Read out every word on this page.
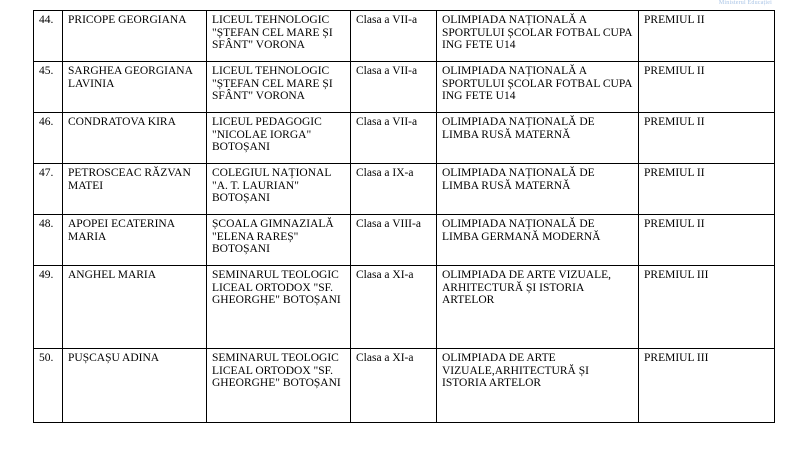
Ministerul Educației
44.	PRICOPE GEORGIANA	LICEUL TEHNOLOGIC "ȘTEFAN CEL MARE ȘI SFÂNT" VORONA	Clasa a VII-a	OLIMPIADA NAȚIONALĂ A SPORTULUI ȘCOLAR FOTBAL CUPA ING FETE U14	PREMIUL II
45.	SARGHEA GEORGIANA LAVINIA	LICEUL TEHNOLOGIC "ȘTEFAN CEL MARE ȘI SFÂNT" VORONA	Clasa a VII-a	OLIMPIADA NAȚIONALĂ A SPORTULUI ȘCOLAR FOTBAL CUPA ING FETE U14	PREMIUL II
46.	CONDRATOVA KIRA	LICEUL PEDAGOGIC "NICOLAE IORGA" BOTOȘANI	Clasa a VII-a	OLIMPIADA NAȚIONALĂ DE LIMBA RUSĂ MATERNĂ	PREMIUL II
47.	PETROSCEAC RĂZVAN MATEI	COLEGIUL NAȚIONAL "A. T. LAURIAN" BOTOȘANI	Clasa a IX-a	OLIMPIADA NAȚIONALĂ DE LIMBA RUSĂ MATERNĂ	PREMIUL II
48.	APOPEI ECATERINA MARIA	ȘCOALA GIMNAZIALĂ "ELENA RAREȘ" BOTOȘANI	Clasa a VIII-a	OLIMPIADA NAȚIONALĂ DE LIMBA GERMANĂ MODERNĂ	PREMIUL II
49.	ANGHEL MARIA	SEMINARUL TEOLOGIC LICEAL ORTODOX "SF. GHEORGHE" BOTOȘANI	Clasa a XI-a	OLIMPIADA DE ARTE VIZUALE, ARHITECTURĂ ȘI ISTORIA ARTELOR	PREMIUL III
50.	PUȘCAȘU ADINA	SEMINARUL TEOLOGIC LICEAL ORTODOX "SF. GHEORGHE" BOTOȘANI	Clasa a XI-a	OLIMPIADA DE ARTE VIZUALE,ARHITECTURĂ ȘI ISTORIA ARTELOR	PREMIUL III
